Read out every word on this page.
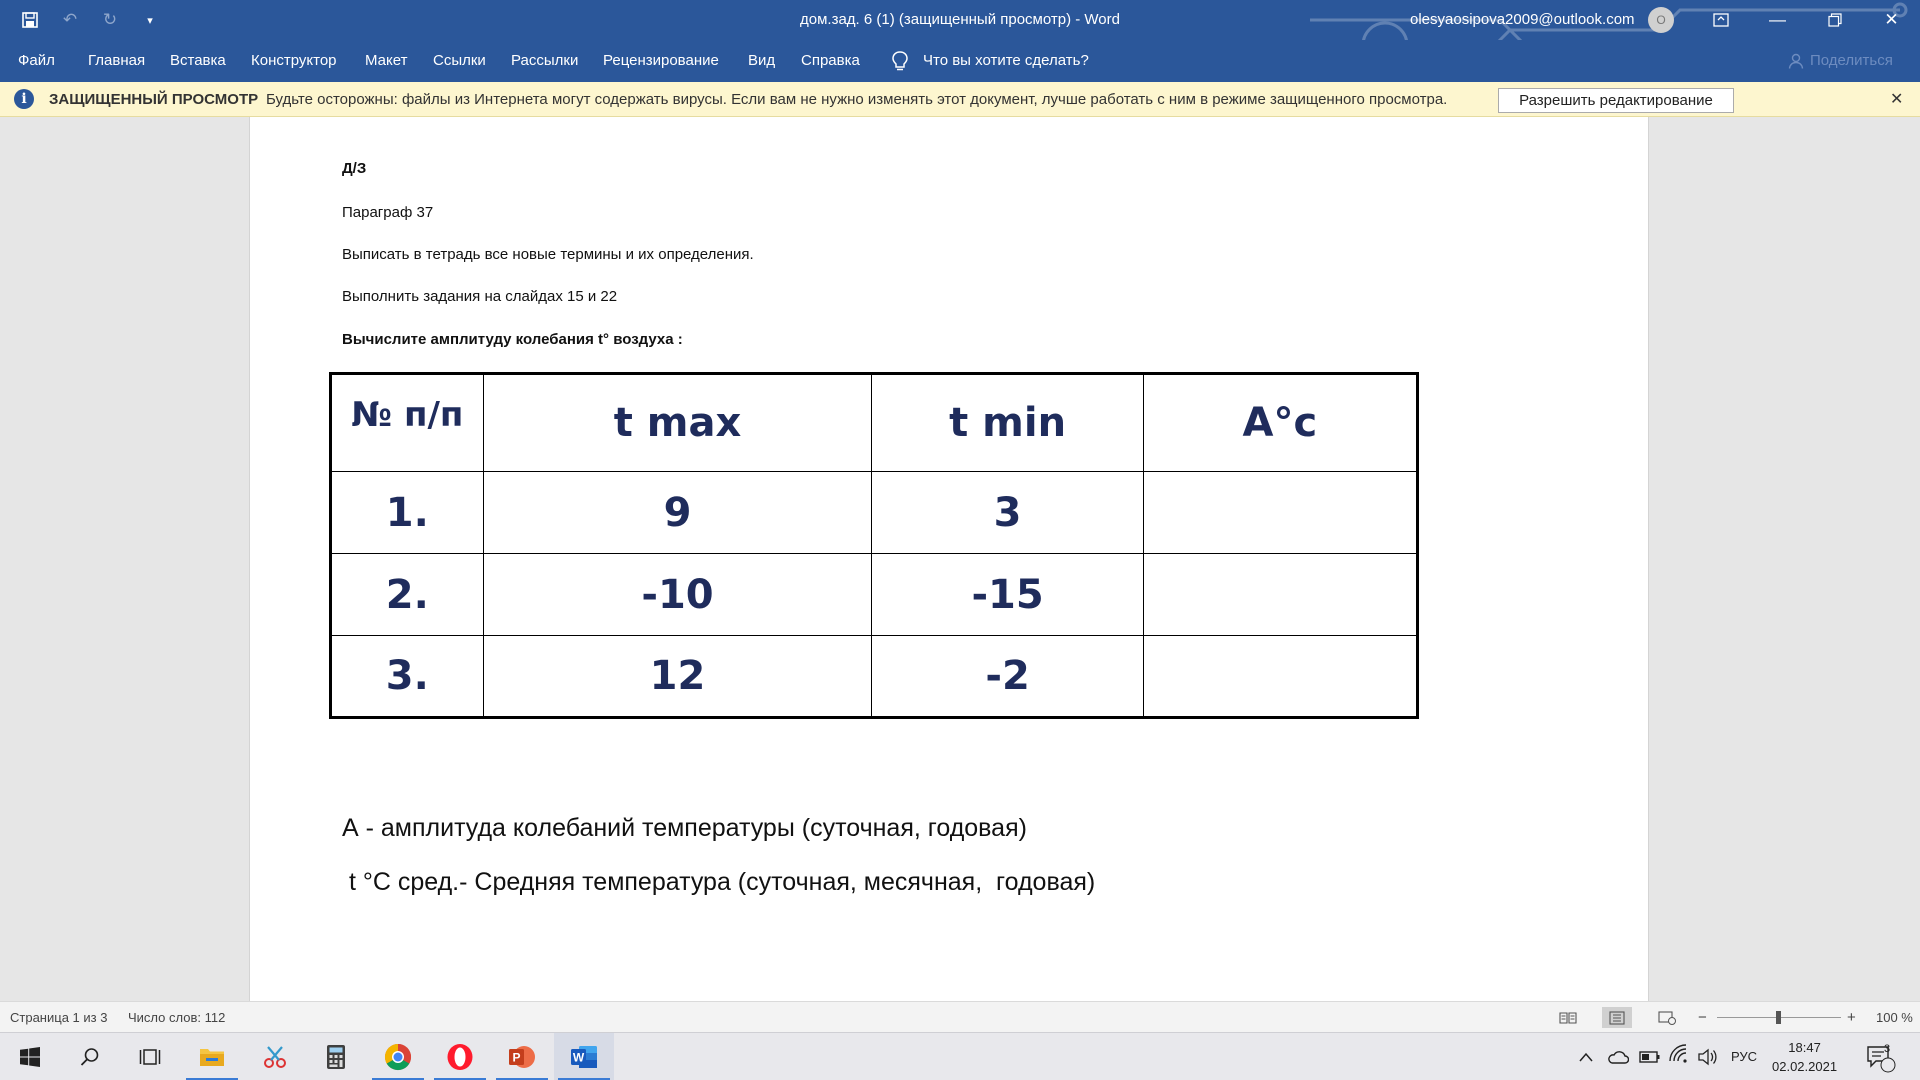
↶ ↻	▾	дом.зад. 6 (1) (защищенный просмотр) - Word	olesyaosipova2009@outlook.com	O	—	✕
Файл Главная Вставка Конструктор Макет Ссылки Рассылки Рецензирование Вид Справка	Что вы хотите сделать?	Поделиться
i	ЗАЩИЩЕННЫЙ ПРОСМОТР Будьте осторожны: файлы из Интернета могут содержать вирусы. Если вам не нужно изменять этот документ, лучше работать с ним в режиме защищенного просмотра.	Разрешить редактирование	✕
Д/З
Параграф 37
Выписать в тетрадь все новые термины и их определения.
Выполнить задания на слайдах 15 и 22
Вычислите амплитуду колебания t° воздуха :
№ п/п	t max	t min	A°c
1.	9	3	
2.	-10	-15	
3.	12	-2	
А - амплитуда колебаний температуры (суточная, годовая)
t °С сред.- Средняя температура (суточная, месячная,  годовая)
Страница 1 из 3 Число слов: 112	−	+ 100 %
P	W	РУС
18:47
02.02.2021
3
